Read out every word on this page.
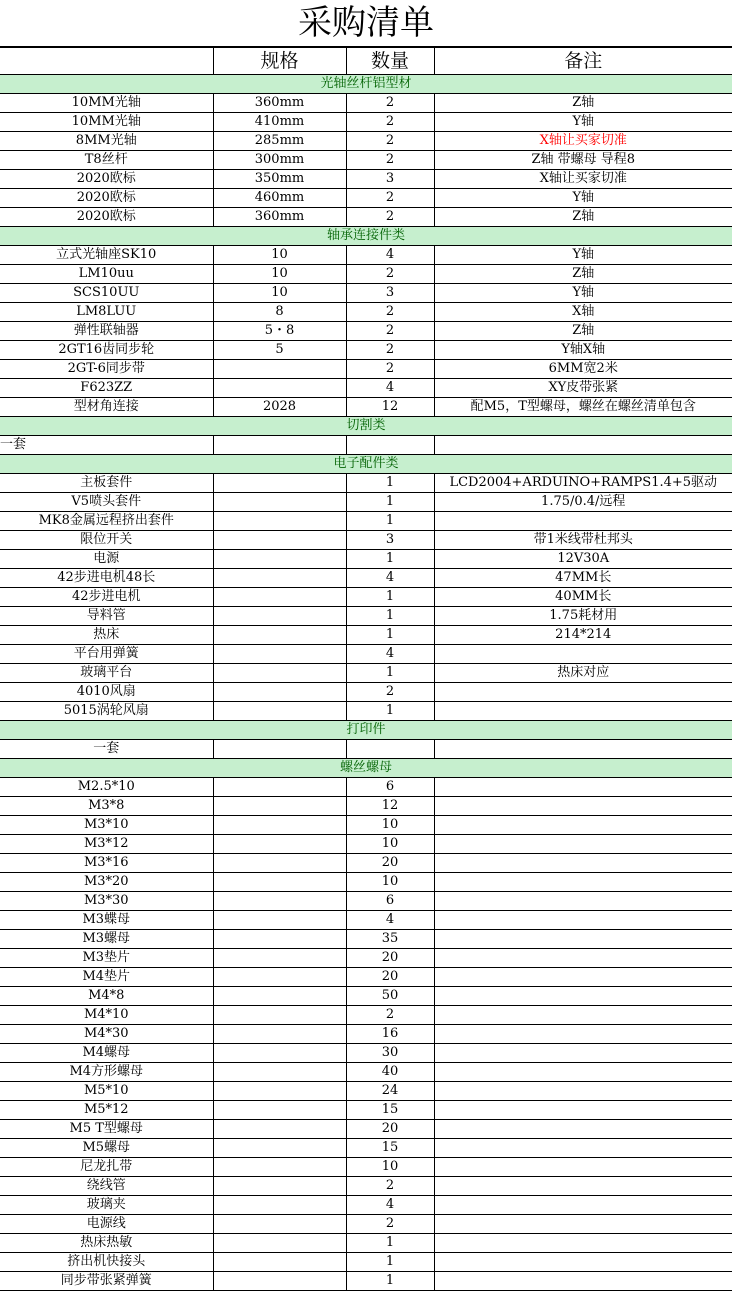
采购清单
	规格	数量	备注
光轴丝杆铝型材			
10MM光轴	360mm	2	Z轴
10MM光轴	410mm	2	Y轴
8MM光轴	285mm	2	X轴让买家切准
T8丝杆	300mm	2	Z轴 带螺母 导程8
2020欧标	350mm	3	X轴让买家切准
2020欧标	460mm	2	Y轴
2020欧标	360mm	2	Z轴
轴承连接件类			
立式光轴座SK10	10	4	Y轴
LM10uu	10	2	Z轴
SCS10UU	10	3	Y轴
LM8LUU	8	2	X轴
弹性联轴器	5・8	2	Z轴
2GT16齿同步轮	5	2	Y轴X轴
2GT-6同步带		2	6MM宽2米
F623ZZ		4	XY皮带张紧
型材角连接	2028	12	配M5，T型螺母，螺丝在螺丝清单包含
切割类			
一套			
电子配件类			
主板套件		1	LCD2004+ARDUINO+RAMPS1.4+5驱动
V5喷头套件		1	1.75/0.4/远程
MK8金属远程挤出套件		1	
限位开关		3	带1米线带杜邦头
电源		1	12V30A
42步进电机48长		4	47MM长
42步进电机		1	40MM长
导料管		1	1.75耗材用
热床		1	214*214
平台用弹簧		4	
玻璃平台		1	热床对应
4010风扇		2	
5015涡轮风扇		1	
打印件			
一套			
螺丝螺母			
M2.5*10		6	
M3*8		12	
M3*10		10	
M3*12		10	
M3*16		20	
M3*20		10	
M3*30		6	
M3蝶母		4	
M3螺母		35	
M3垫片		20	
M4垫片		20	
M4*8		50	
M4*10		2	
M4*30		16	
M4螺母		30	
M4方形螺母		40	
M5*10		24	
M5*12		15	
M5 T型螺母		20	
M5螺母		15	
尼龙扎带		10	
绕线管		2	
玻璃夹		4	
电源线		2	
热床热敏		1	
挤出机快接头		1	
同步带张紧弹簧		1	
